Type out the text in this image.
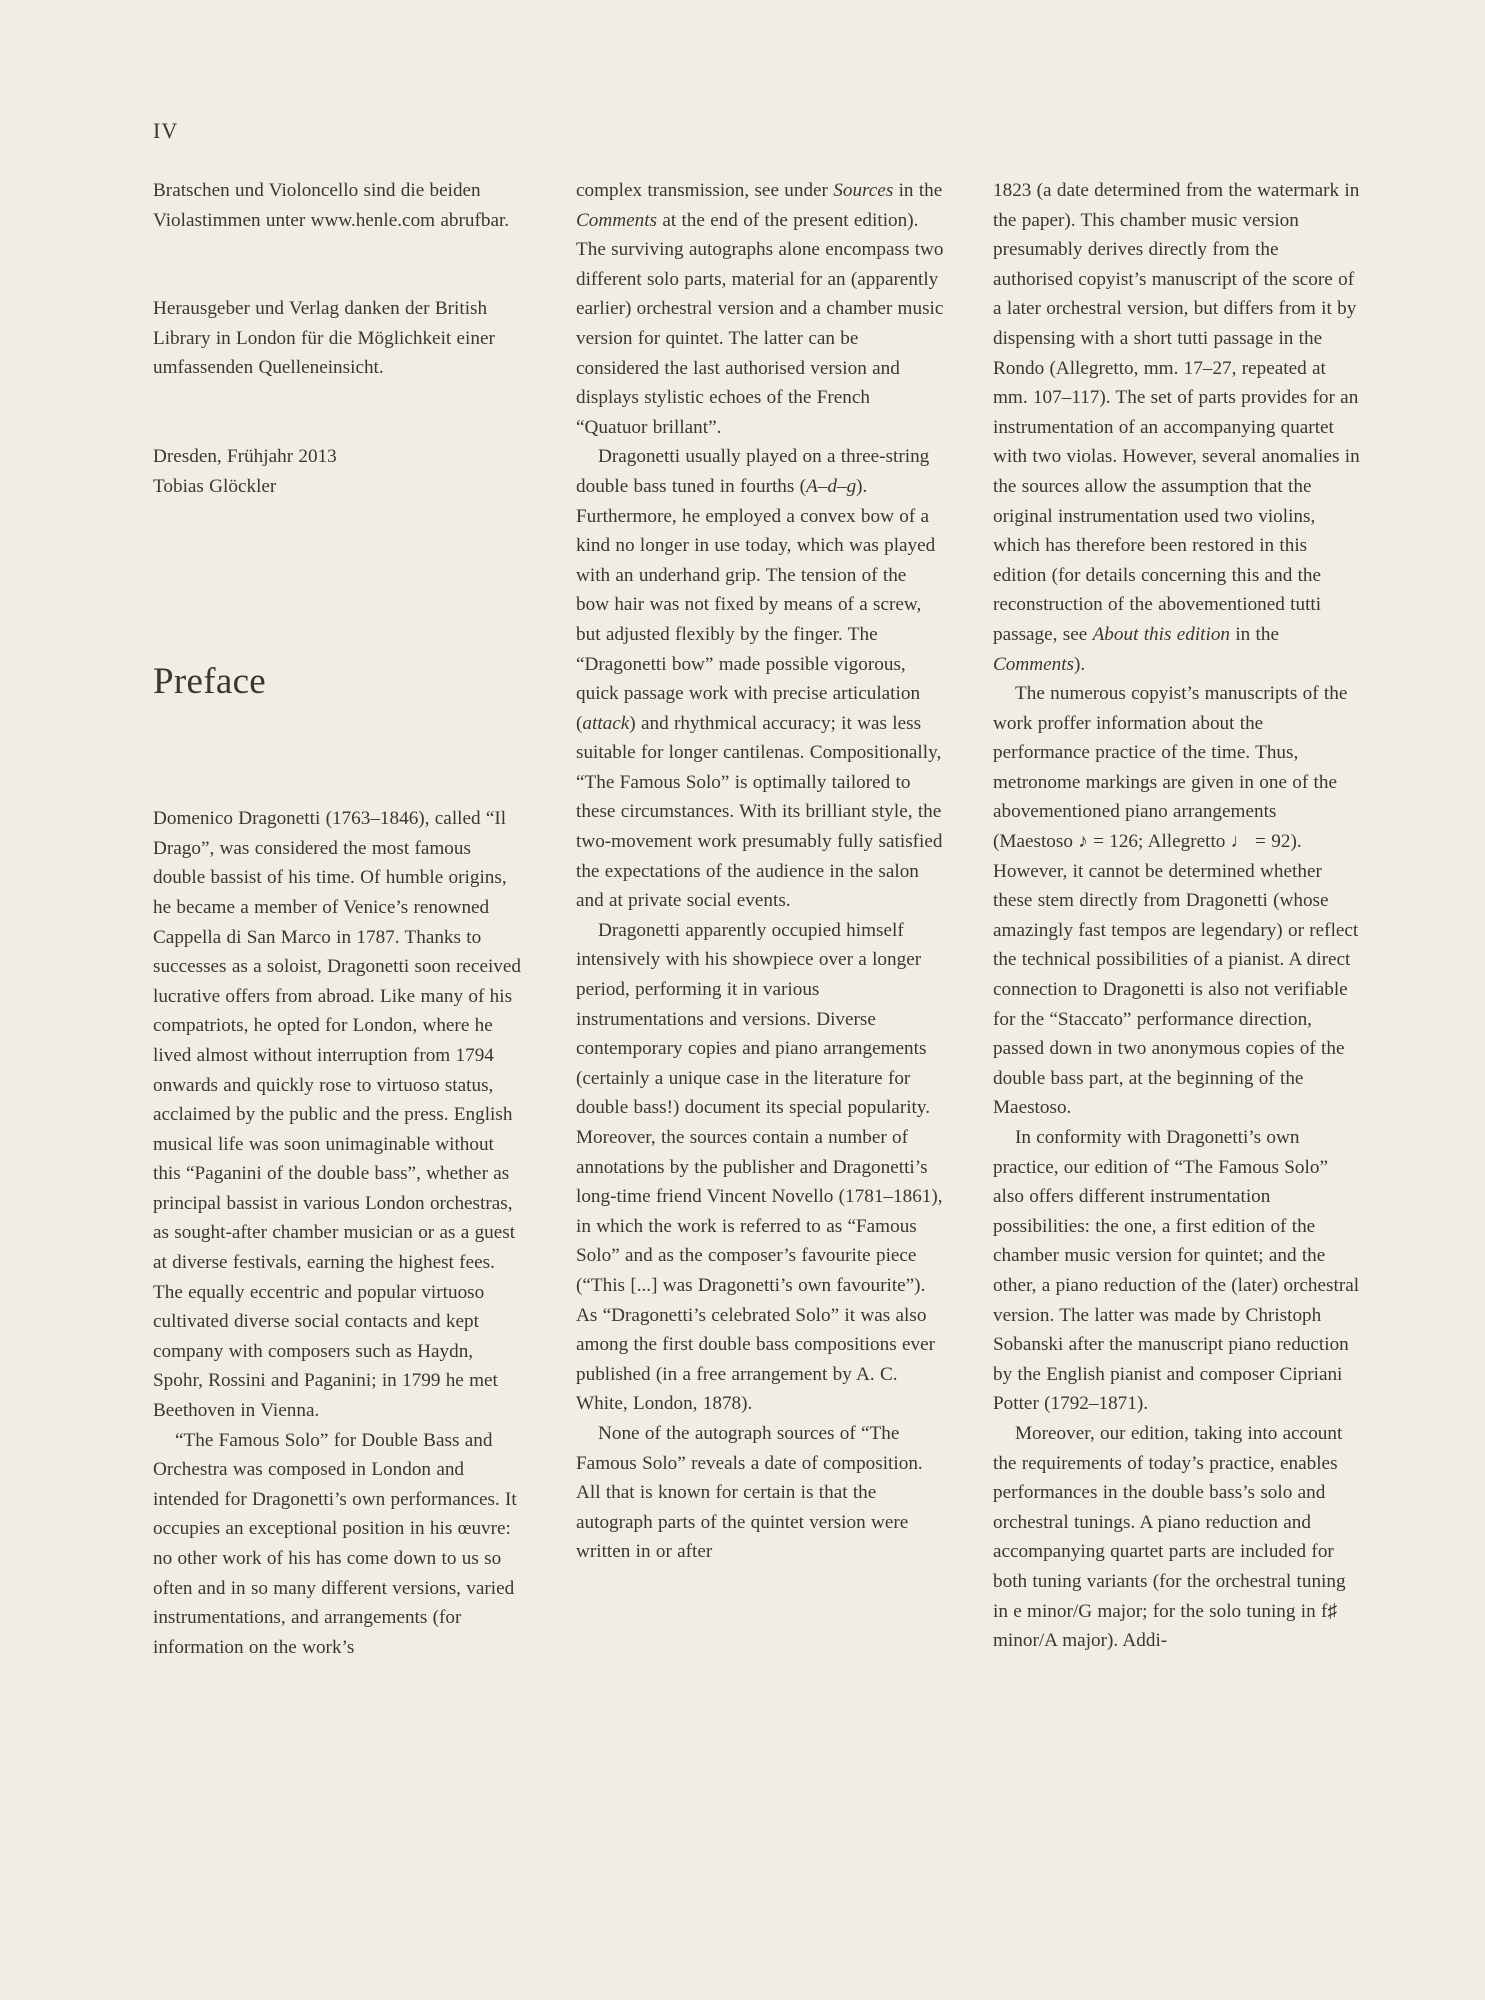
IV

Bratschen und Violoncello sind die beiden Violastimmen unter www.henle.com abrufbar.

Herausgeber und Verlag danken der British Library in London für die Möglichkeit einer umfassenden Quelleneinsicht.

Dresden, Frühjahr 2013

Tobias Glöckler

Preface

Domenico Dragonetti (1763–1846), called “Il Drago”, was considered the most famous double bassist of his time. Of humble origins, he became a member of Venice’s renowned Cappella di San Marco in 1787. Thanks to successes as a soloist, Dragonetti soon received lucrative offers from abroad. Like many of his compatriots, he opted for London, where he lived almost without interruption from 1794 onwards and quickly rose to virtuoso status, acclaimed by the public and the press. English musical life was soon unimaginable without this “Paganini of the double bass”, whether as principal bassist in various London orchestras, as sought-after chamber musician or as a guest at diverse festivals, earning the highest fees. The equally eccentric and popular virtuoso cultivated diverse social contacts and kept company with composers such as Haydn, Spohr, Rossini and Paganini; in 1799 he met Beethoven in Vienna.

“The Famous Solo” for Double Bass and Orchestra was composed in London and intended for Dragonetti’s own performances. It occupies an exceptional position in his œuvre: no other work of his has come down to us so often and in so many different versions, varied instrumentations, and arrangements (for information on the work’s

complex transmission, see under Sources in the Comments at the end of the present edition). The surviving autographs alone encompass two different solo parts, material for an (apparently earlier) orchestral version and a chamber music version for quintet. The latter can be considered the last authorised version and displays stylistic echoes of the French “Quatuor brillant”.

Dragonetti usually played on a three-string double bass tuned in fourths (A–d–g). Furthermore, he employed a convex bow of a kind no longer in use today, which was played with an underhand grip. The tension of the bow hair was not fixed by means of a screw, but adjusted flexibly by the finger. The “Dragonetti bow” made possible vigorous, quick passage work with precise articulation (attack) and rhythmical accuracy; it was less suitable for longer cantilenas. Compositionally, “The Famous Solo” is optimally tailored to these circumstances. With its brilliant style, the two-movement work presumably fully satisfied the expectations of the audience in the salon and at private social events.

Dragonetti apparently occupied himself intensively with his showpiece over a longer period, performing it in various instrumentations and versions. Diverse contemporary copies and piano arrangements (certainly a unique case in the literature for double bass!) document its special popularity. Moreover, the sources contain a number of annotations by the publisher and Dragonetti’s long-time friend Vincent Novello (1781–1861), in which the work is referred to as “Famous Solo” and as the composer’s favourite piece (“This [...] was Dragonetti’s own favourite”). As “Dragonetti’s celebrated Solo” it was also among the first double bass compositions ever published (in a free arrangement by A. C. White, London, 1878).

None of the autograph sources of “The Famous Solo” reveals a date of composition. All that is known for certain is that the autograph parts of the quintet version were written in or after

1823 (a date determined from the watermark in the paper). This chamber music version presumably derives directly from the authorised copyist’s manuscript of the score of a later orchestral version, but differs from it by dispensing with a short tutti passage in the Rondo (Allegretto, mm. 17–27, repeated at mm. 107–117). The set of parts provides for an instrumentation of an accompanying quartet with two violas. However, several anomalies in the sources allow the assumption that the original instrumentation used two violins, which has therefore been restored in this edition (for details concerning this and the reconstruction of the abovementioned tutti passage, see About this edition in the Comments).

The numerous copyist’s manuscripts of the work proffer information about the performance practice of the time. Thus, metronome markings are given in one of the abovementioned piano arrangements (Maestoso ♪ = 126; Allegretto ♩ = 92). However, it cannot be determined whether these stem directly from Dragonetti (whose amazingly fast tempos are legendary) or reflect the technical possibilities of a pianist. A direct connection to Dragonetti is also not verifiable for the “Staccato” performance direction, passed down in two anonymous copies of the double bass part, at the beginning of the Maestoso.

In conformity with Dragonetti’s own practice, our edition of “The Famous Solo” also offers different instrumentation possibilities: the one, a first edition of the chamber music version for quintet; and the other, a piano reduction of the (later) orchestral version. The latter was made by Christoph Sobanski after the manuscript piano reduction by the English pianist and composer Cipriani Potter (1792–1871).

Moreover, our edition, taking into account the requirements of today’s practice, enables performances in the double bass’s solo and orchestral tunings. A piano reduction and accompanying quartet parts are included for both tuning variants (for the orchestral tuning in e minor/G major; for the solo tuning in f♯ minor/A major). Addi-
